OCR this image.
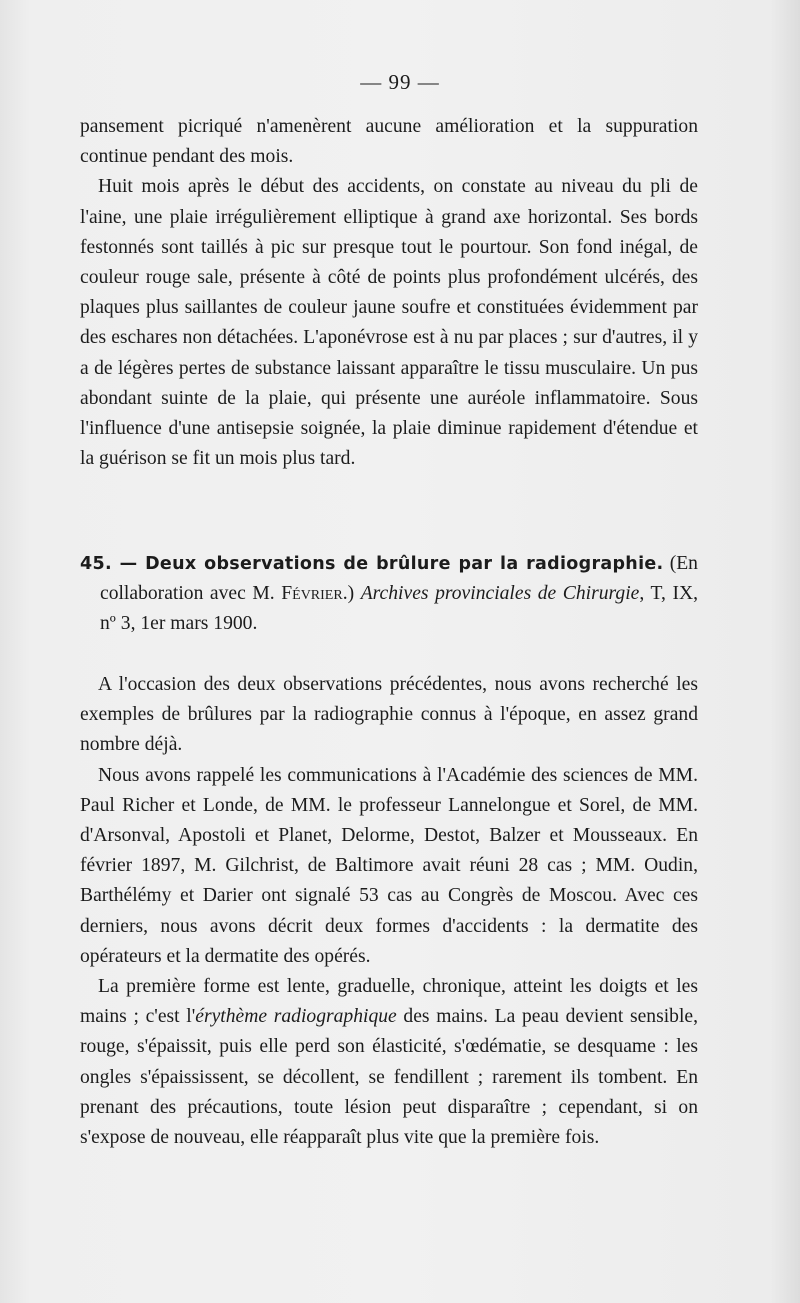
— 99 —

pansement picriqué n'amenèrent aucune amélioration et la suppuration continue pendant des mois.

Huit mois après le début des accidents, on constate au niveau du pli de l'aine, une plaie irrégulièrement elliptique à grand axe horizontal. Ses bords festonnés sont taillés à pic sur presque tout le pourtour. Son fond inégal, de couleur rouge sale, présente à côté de points plus profondément ulcérés, des plaques plus saillantes de couleur jaune soufre et constituées évidemment par des eschares non détachées. L'aponévrose est à nu par places ; sur d'autres, il y a de légères pertes de substance laissant apparaître le tissu musculaire. Un pus abondant suinte de la plaie, qui présente une auréole inflammatoire. Sous l'influence d'une antisepsie soignée, la plaie diminue rapidement d'étendue et la guérison se fit un mois plus tard.

45. — Deux observations de brûlure par la radiographie. (En collaboration avec M. Février.) Archives provinciales de Chirurgie, T, IX, nº 3, 1er mars 1900.

A l'occasion des deux observations précédentes, nous avons recherché les exemples de brûlures par la radiographie connus à l'époque, en assez grand nombre déjà.

Nous avons rappelé les communications à l'Académie des sciences de MM. Paul Richer et Londe, de MM. le professeur Lannelongue et Sorel, de MM. d'Arsonval, Apostoli et Planet, Delorme, Destot, Balzer et Mousseaux. En février 1897, M. Gilchrist, de Baltimore avait réuni 28 cas ; MM. Oudin, Barthélémy et Darier ont signalé 53 cas au Congrès de Moscou. Avec ces derniers, nous avons décrit deux formes d'accidents : la dermatite des opérateurs et la dermatite des opérés.

La première forme est lente, graduelle, chronique, atteint les doigts et les mains ; c'est l'érythème radiographique des mains. La peau devient sensible, rouge, s'épaissit, puis elle perd son élasticité, s'œdématie, se desquame : les ongles s'épaississent, se décollent, se fendillent ; rarement ils tombent. En prenant des précautions, toute lésion peut disparaître ; cependant, si on s'expose de nouveau, elle réapparaît plus vite que la première fois.
